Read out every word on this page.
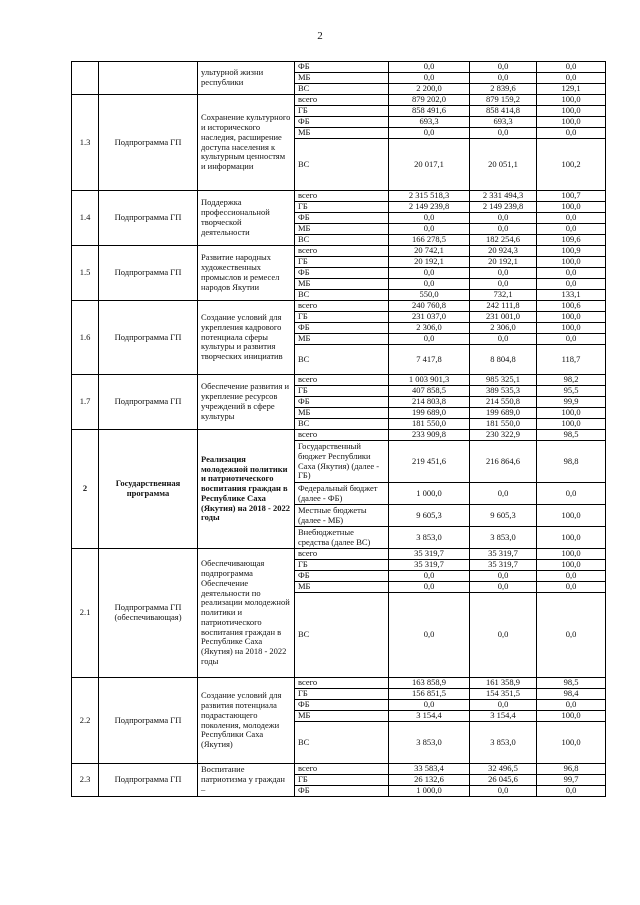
2
		ультурной жизни республики	ФБ	0,0	0,0	0,0
			МБ	0,0	0,0	0,0
			ВС	2 200,0	2 839,6	129,1
1.3	Подпрограмма ГП	Сохранение культурного и исторического наследия, расширение доступа населения к культурным ценностям и информации	всего	879 202,0	879 159,2	100,0
			ГБ	858 491,6	858 414,8	100,0
			ФБ	693,3	693,3	100,0
			МБ	0,0	0,0	0,0
			ВС	20 017,1	20 051,1	100,2
1.4	Подпрограмма ГП	Поддержка профессиональной творческой деятельности	всего	2 315 518,3	2 331 494,3	100,7
			ГБ	2 149 239,8	2 149 239,8	100,0
			ФБ	0,0	0,0	0,0
			МБ	0,0	0,0	0,0
			ВС	166 278,5	182 254,6	109,6
1.5	Подпрограмма ГП	Развитие народных художественных промыслов и ремесел народов Якутии	всего	20 742,1	20 924,3	100,9
			ГБ	20 192,1	20 192,1	100,0
			ФБ	0,0	0,0	0,0
			МБ	0,0	0,0	0,0
			ВС	550,0	732,1	133,1
1.6	Подпрограмма ГП	Создание условий для укрепления кадрового потенциала сферы культуры и развития творческих инициатив	всего	240 760,8	242 111,8	100,6
			ГБ	231 037,0	231 001,0	100,0
			ФБ	2 306,0	2 306,0	100,0
			МБ	0,0	0,0	0,0
			ВС	7 417,8	8 804,8	118,7
1.7	Подпрограмма ГП	Обеспечение развития и укрепление ресурсов учреждений в сфере культуры	всего	1 003 901,3	985 325,1	98,2
			ГБ	407 858,5	389 535,3	95,5
			ФБ	214 803,8	214 550,8	99,9
			МБ	199 689,0	199 689,0	100,0
			ВС	181 550,0	181 550,0	100,0
2	Государственная программа	Реализация молодежной политики и патриотического воспитания граждан в Республике Саха (Якутия) на 2018 - 2022 годы	всего	233 909,8	230 322,9	98,5
			Государственный бюджет Республики Саха (Якутия) (далее - ГБ)	219 451,6	216 864,6	98,8
			Федеральный бюджет (далее - ФБ)	1 000,0	0,0	0,0
			Местные бюджеты (далее - МБ)	9 605,3	9 605,3	100,0
			Внебюджетные средства (далее ВС)	3 853,0	3 853,0	100,0
2.1	Подпрограмма ГП (обеспечивающая)	Обеспечивающая подпрограмма Обеспечение деятельности по реализации молодежной политики и патриотического воспитания граждан в Республике Саха (Якутия) на 2018 - 2022 годы	всего	35 319,7	35 319,7	100,0
			ГБ	35 319,7	35 319,7	100,0
			ФБ	0,0	0,0	0,0
			МБ	0,0	0,0	0,0
			ВС	0,0	0,0	0,0
2.2	Подпрограмма ГП	Создание условий для развития потенциала подрастающего поколения, молодежи Республики Саха (Якутия)	всего	163 858,9	161 358,9	98,5
			ГБ	156 851,5	154 351,5	98,4
			ФБ	0,0	0,0	0,0
			МБ	3 154,4	3 154,4	100,0
			ВС	3 853,0	3 853,0	100,0
2.3	Подпрограмма ГП	Воспитание патриотизма у граждан –	всего	33 583,4	32 496,5	96,8
			ГБ	26 132,6	26 045,6	99,7
			ФБ	1 000,0	0,0	0,0
